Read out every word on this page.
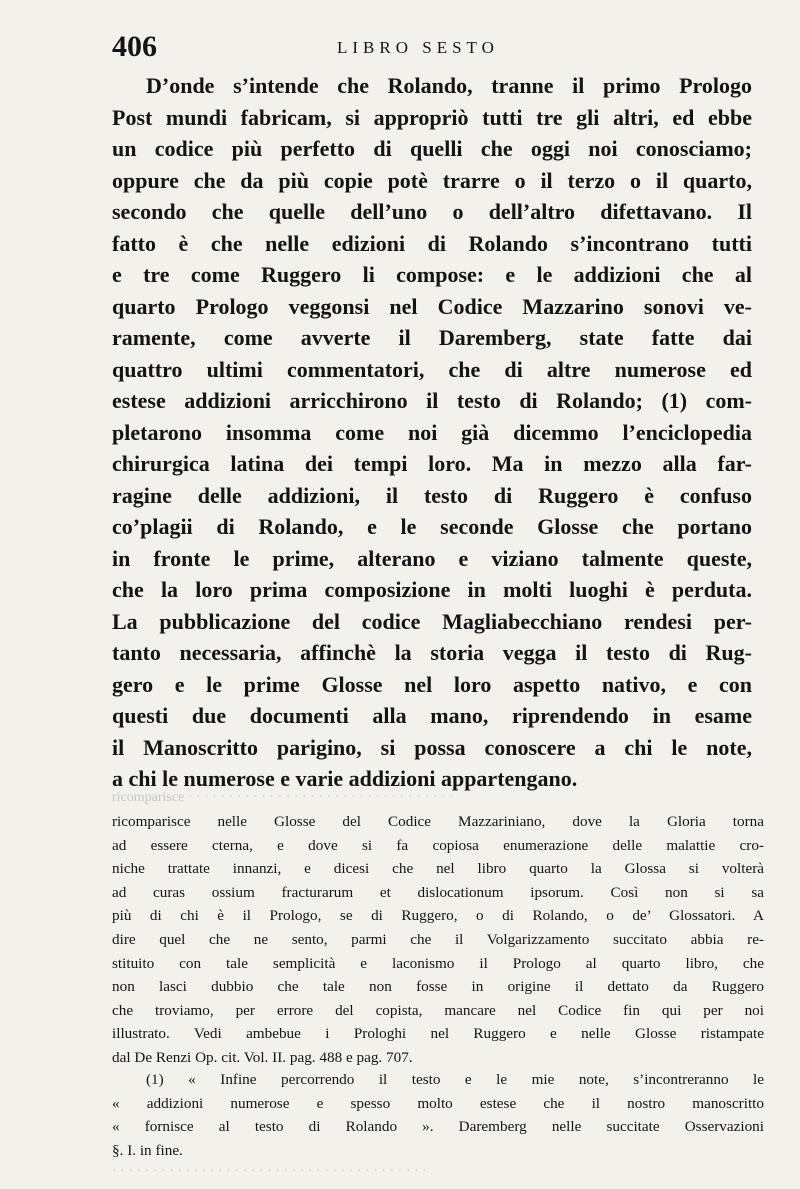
ricomparisce · · · · · · · · · · · · · · · · · · · · · · · · · · · · · · · · ·
406	LIBRO SESTO
D’onde s’intende che Rolando, tranne il primo Prologo
Post mundi fabricam, si appropriò tutti tre gli altri, ed ebbe
un codice più perfetto di quelli che oggi noi conosciamo;
oppure che da più copie potè trarre o il terzo o il quarto,
secondo che quelle dell’uno o dell’altro difettavano. Il
fatto è che nelle edizioni di Rolando s’incontrano tutti
e tre come Ruggero li compose: e le addizioni che al
quarto Prologo veggonsi nel Codice Mazzarino sonovi ve-
ramente, come avverte il Daremberg, state fatte dai
quattro ultimi commentatori, che di altre numerose ed
estese addizioni arricchirono il testo di Rolando; (1) com-
pletarono insomma come noi già dicemmo l’enciclopedia
chirurgica latina dei tempi loro. Ma in mezzo alla far-
ragine delle addizioni, il testo di Ruggero è confuso
co’plagii di Rolando, e le seconde Glosse che portano
in fronte le prime, alterano e viziano talmente queste,
che la loro prima composizione in molti luoghi è perduta.
La pubblicazione del codice Magliabecchiano rendesi per-
tanto necessaria, affinchè la storia vegga il testo di Rug-
gero e le prime Glosse nel loro aspetto nativo, e con
questi due documenti alla mano, riprendendo in esame
il Manoscritto parigino, si possa conoscere a chi le note,
a chi le numerose e varie addizioni appartengano.
ricomparisce nelle Glosse del Codice Mazzariniano, dove la Gloria torna
ad essere cterna, e dove si fa copiosa enumerazione delle malattie cro-
niche trattate innanzi, e dicesi che nel libro quarto la Glossa si volterà
ad curas ossium fracturarum et dislocationum ipsorum. Così non si sa
più di chi è il Prologo, se di Ruggero, o di Rolando, o de’ Glossatori. A
dire quel che ne sento, parmi che il Volgarizzamento succitato abbia re-
stituito con tale semplicità e laconismo il Prologo al quarto libro, che
non lasci dubbio che tale non fosse in origine il dettato da Ruggero
che troviamo, per errore del copista, mancare nel Codice fin qui per noi
illustrato. Vedi ambebue i Prologhi nel Ruggero e nelle Glosse ristampate
dal De Renzi Op. cit. Vol. II. pag. 488 e pag. 707.
(1) « Infine percorrendo il testo e le mie note, s’incontreranno le
« addizioni numerose e spesso molto estese che il nostro manoscritto
« fornisce al testo di Rolando ». Daremberg nelle succitate Osservazioni
§. I. in fine.
· · · · · · · · · · · · · · · · · · · · · · · · · · · · · · · · · · · · · · ·
